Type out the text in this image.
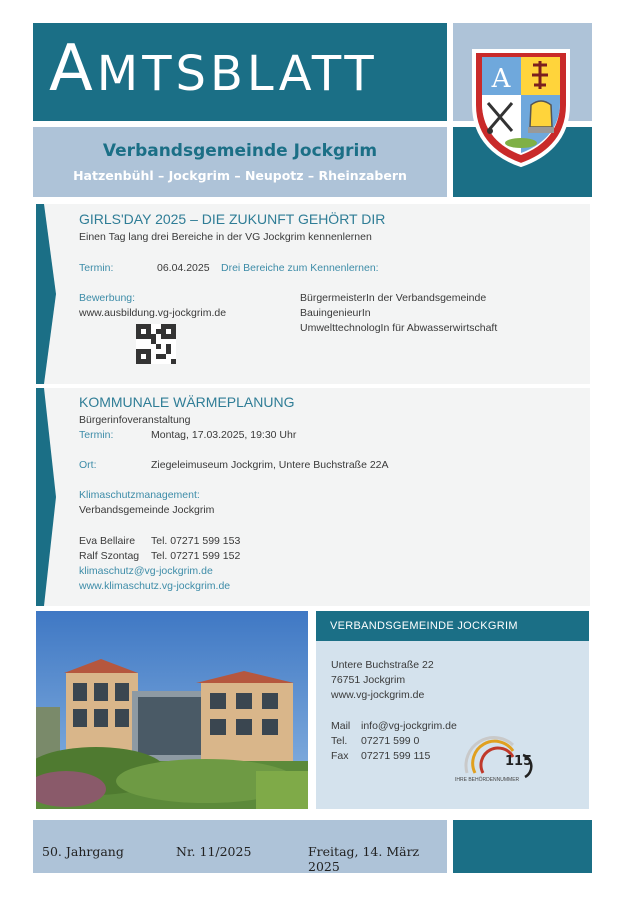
AMTSBLATT	A
Verbandsgemeinde Jockgrim
Hatzenbühl – Jockgrim – Neupotz – Rheinzabern
GIRLS'DAY 2025 – DIE ZUKUNFT GEHÖRT DIR
Einen Tag lang drei Bereiche in der VG Jockgrim kennenlernen
Termin:	06.04.2025 Drei Bereiche zum Kennenlernen:
Bewerbung:
www.ausbildung.vg-jockgrim.de
BürgermeisterIn der Verbandsgemeinde
BauingenieurIn
UmwelttechnologIn für Abwasserwirtschaft
KOMMUNALE WÄRMEPLANUNG
Bürgerinfoveranstaltung
Termin:	Montag, 17.03.2025, 19:30 Uhr
Ort:	Ziegeleimuseum Jockgrim, Untere Buchstraße 22A
Klimaschutzmanagement:
Verbandsgemeinde Jockgrim
Eva Bellaire Tel. 07271 599 153
Ralf Szontag Tel. 07271 599 152
klimaschutz@vg-jockgrim.de
www.klimaschutz.vg-jockgrim.de
VERBANDSGEMEINDE JOCKGRIM
Untere Buchstraße 22
76751 Jockgrim
www.vg-jockgrim.de
Mail info@vg-jockgrim.de
Tel. 07271 599 0
Fax 07271 599 115	115
IHRE BEHÖRDENNUMMER
50. Jahrgang	Nr. 11/2025	Freitag, 14. März 2025
